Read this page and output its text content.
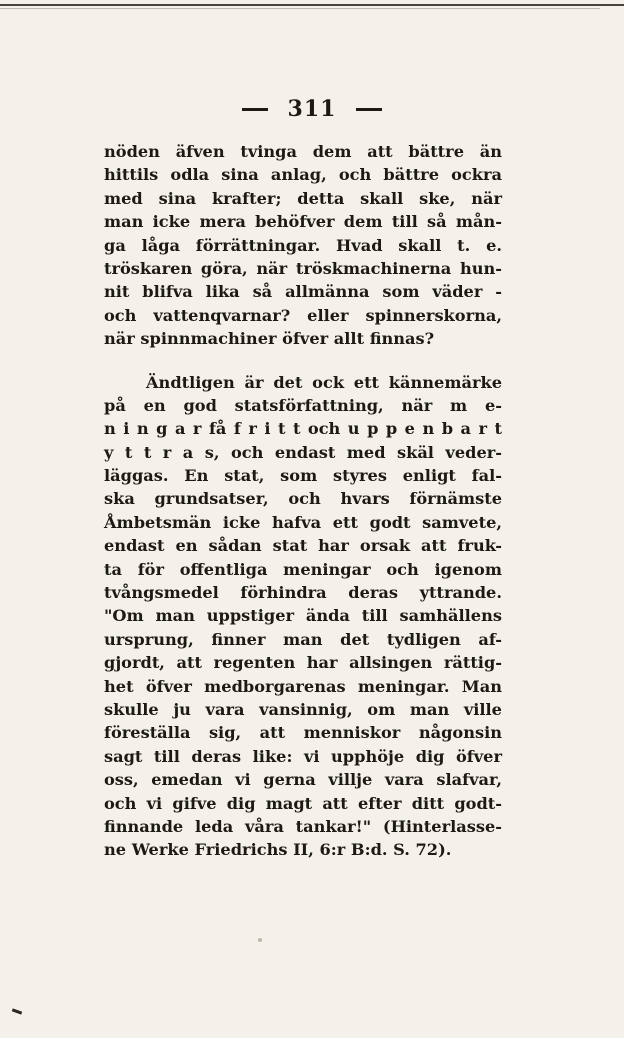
311
nöden äfven tvinga dem att bättre än
hittils odla sina anlag, och bättre ockra
med sina krafter; detta skall ske, när
man icke mera behöfver dem till så mån-
ga låga förrättningar. Hvad skall t. e.
tröskaren göra, när tröskmachinerna hun-
nit blifva lika så allmänna som väder -
och vattenqvarnar? eller spinnerskorna,
när spinnmachiner öfver allt finnas?
Ändtligen är det ock ett kännemärke
på en god statsförfattning, när m e-
n i n g a r få f r i t t och u p p e n b a r t
y t t r a s, och endast med skäl veder-
läggas. En stat, som styres enligt fal-
ska grundsatser, och hvars förnämste
Åmbetsmän icke hafva ett godt samvete,
endast en sådan stat har orsak att fruk-
ta för offentliga meningar och igenom
tvångsmedel förhindra deras yttrande.
"Om man uppstiger ända till samhällens
ursprung, finner man det tydligen af-
gjordt, att regenten har allsingen rättig-
het öfver medborgarenas meningar. Man
skulle ju vara vansinnig, om man ville
föreställa sig, att menniskor någonsin
sagt till deras like: vi upphöje dig öfver
oss, emedan vi gerna villje vara slafvar,
och vi gifve dig magt att efter ditt godt-
finnande leda våra tankar!" (Hinterlasse-
ne Werke Friedrichs II, 6:r B:d. S. 72).
